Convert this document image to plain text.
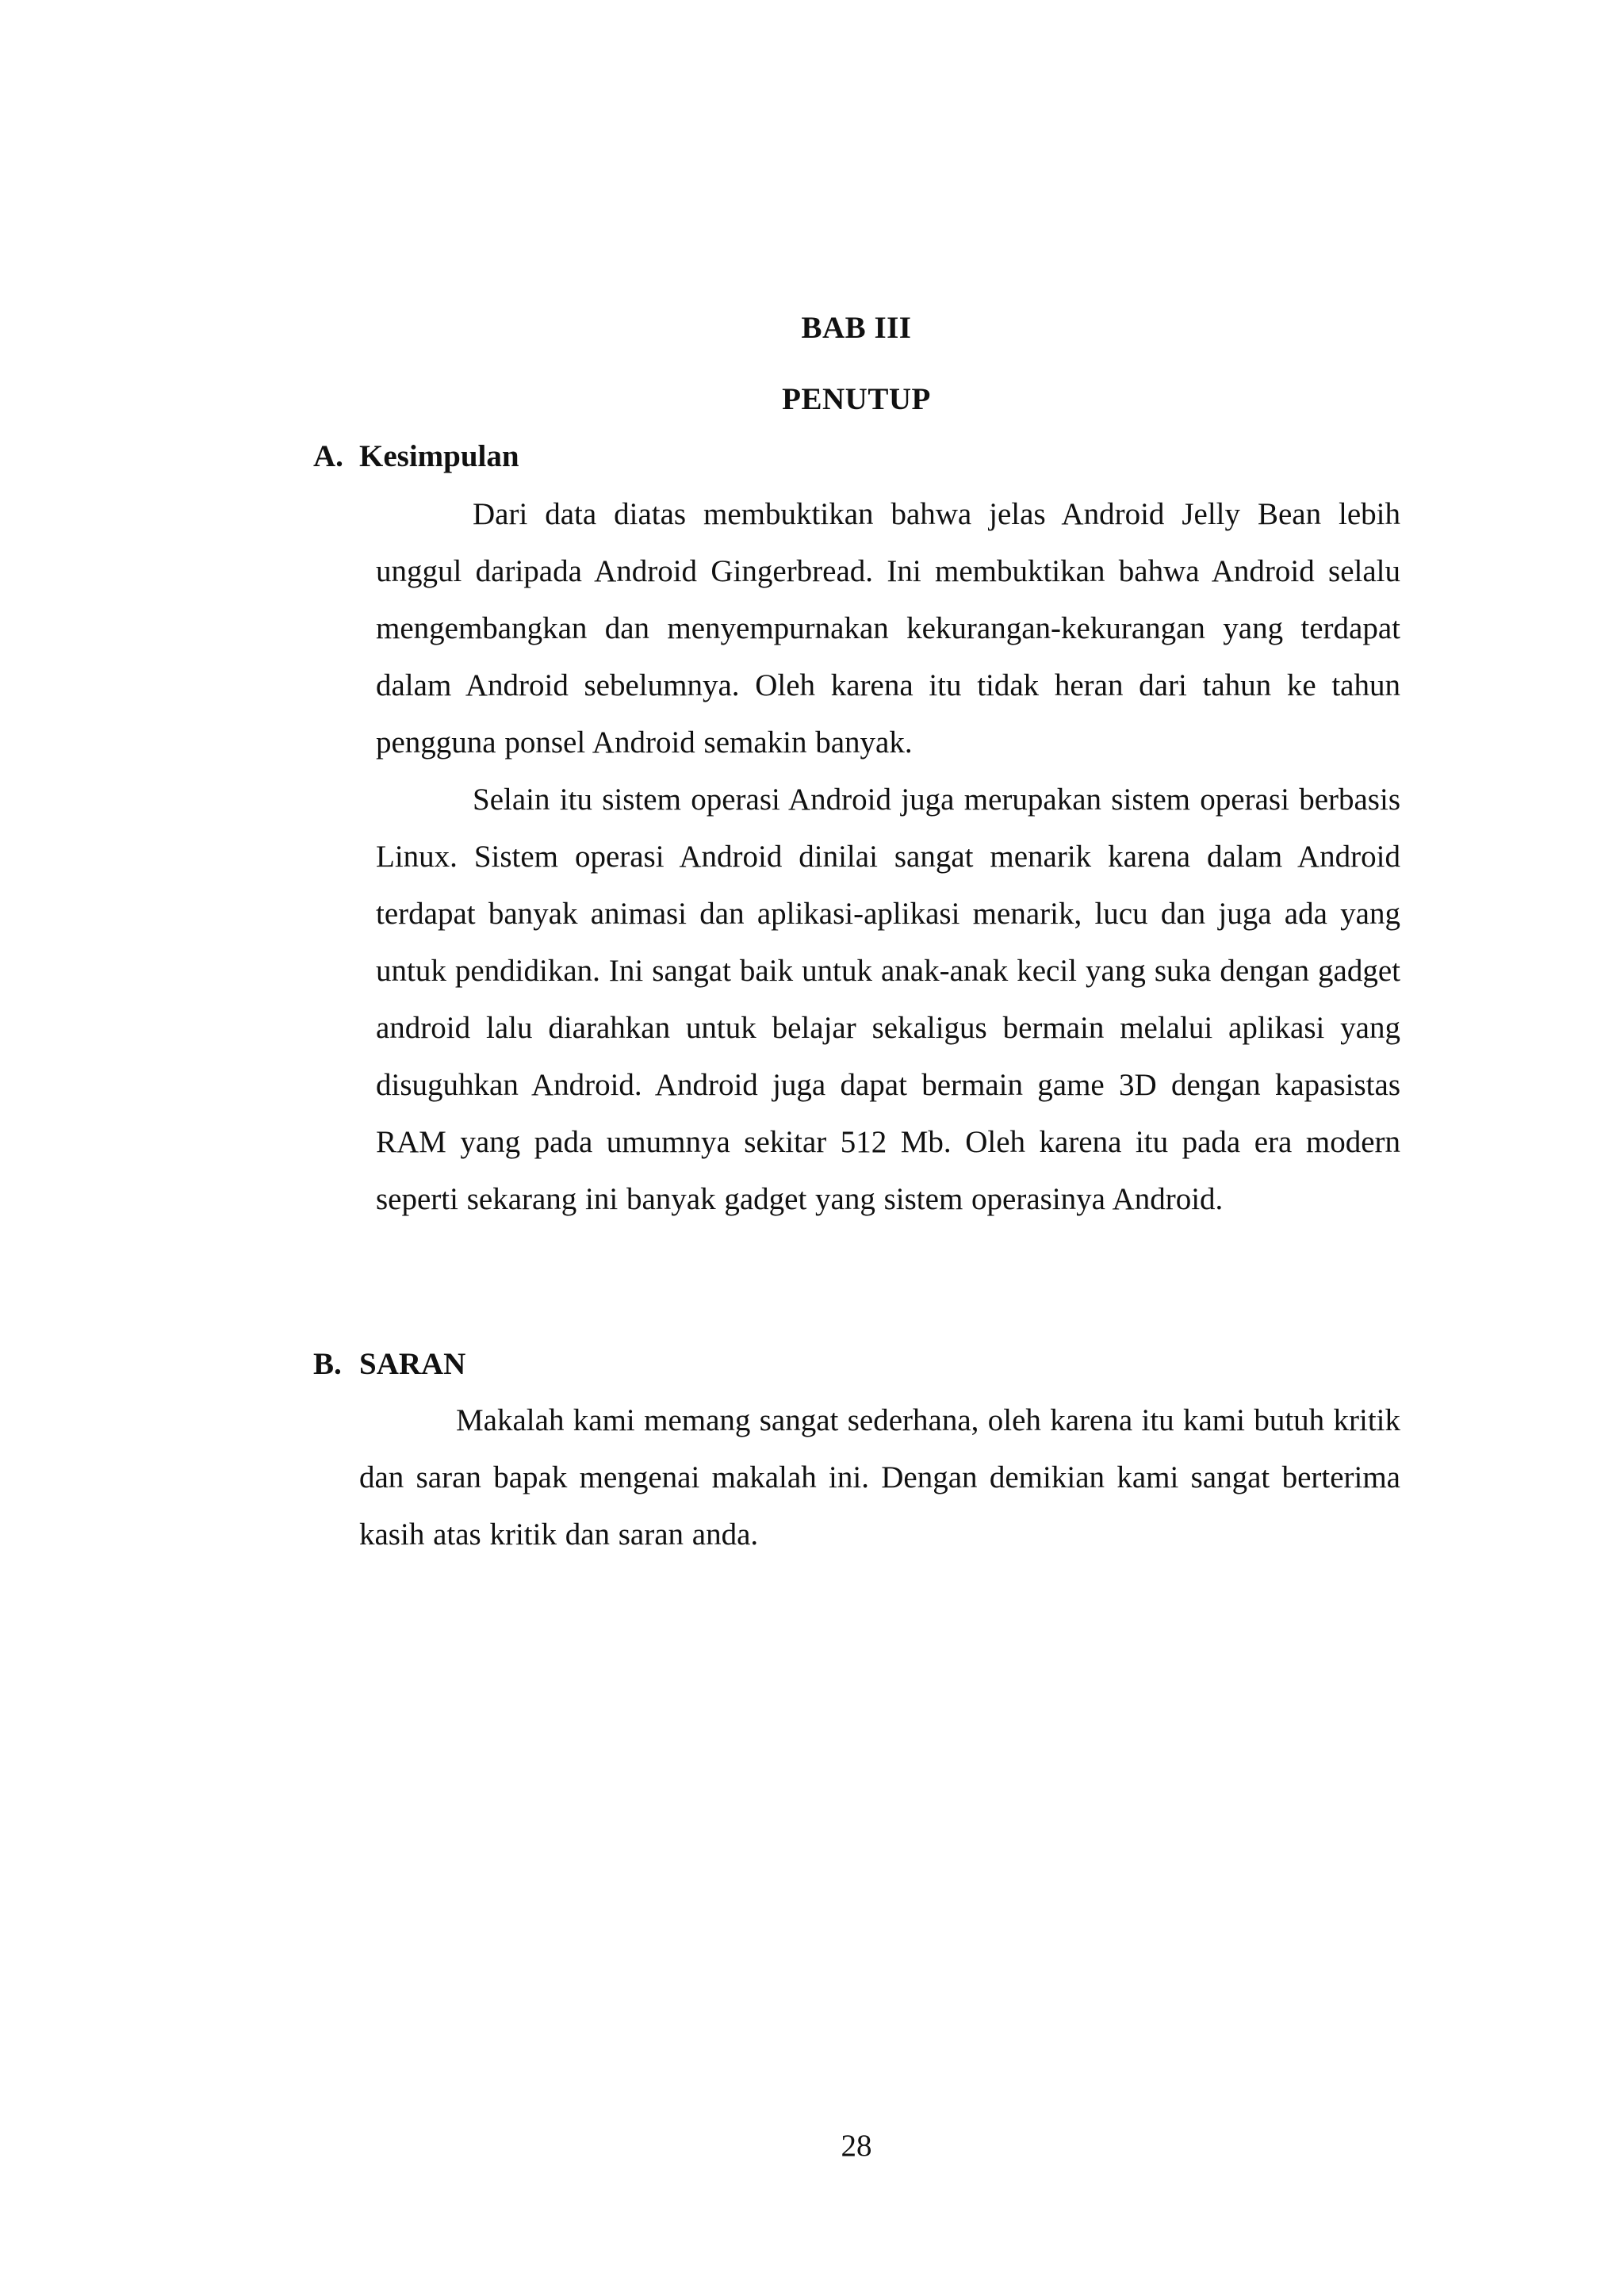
BAB III
PENUTUP
A. Kesimpulan

Dari data diatas membuktikan bahwa jelas Android Jelly Bean lebih unggul daripada Android Gingerbread. Ini membuktikan bahwa Android selalu mengembangkan dan menyempurnakan kekurangan-kekurangan yang terdapat dalam Android sebelumnya. Oleh karena itu tidak heran dari tahun ke tahun pengguna ponsel Android semakin banyak.

Selain itu sistem operasi Android juga merupakan sistem operasi berbasis Linux. Sistem operasi Android dinilai sangat menarik karena dalam Android terdapat banyak animasi dan aplikasi-aplikasi menarik, lucu dan juga ada yang untuk pendidikan. Ini sangat baik untuk anak-anak kecil yang suka dengan gadget android lalu diarahkan untuk belajar sekaligus bermain melalui aplikasi yang disuguhkan Android. Android juga dapat bermain game 3D dengan kapasistas RAM yang pada umumnya sekitar 512 Mb. Oleh karena itu pada era modern seperti sekarang ini banyak gadget yang sistem operasinya Android.

B. SARAN

Makalah kami memang sangat sederhana, oleh karena itu kami butuh kritik dan saran bapak mengenai makalah ini. Dengan demikian kami sangat berterima kasih atas kritik dan saran anda.

28
